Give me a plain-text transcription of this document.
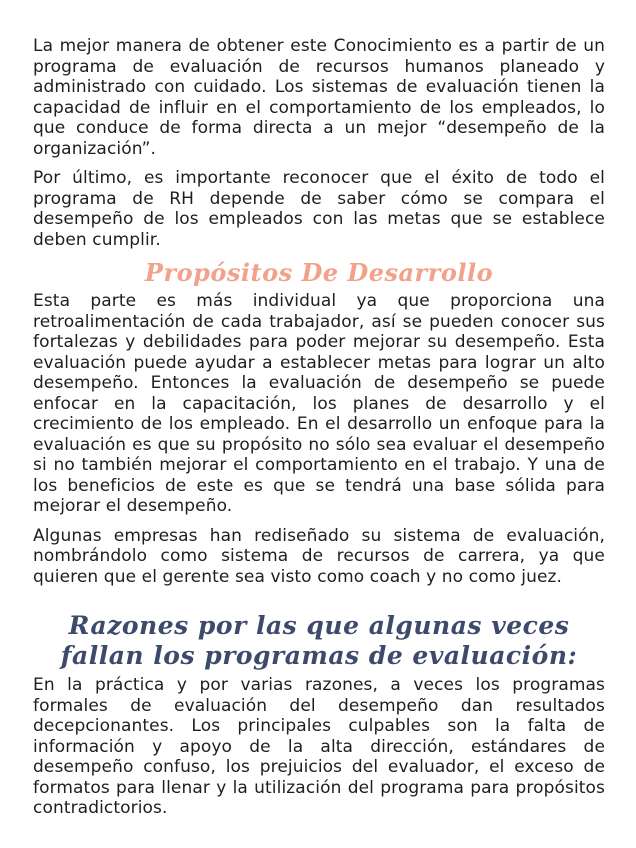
La mejor manera de obtener este Conocimiento es a partir de un programa de evaluación de recursos humanos planeado y administrado con cuidado. Los sistemas de evaluación tienen la capacidad de influir en el comportamiento de los empleados, lo que conduce de forma directa a un mejor “desempeño de la organización”.

Por último, es importante reconocer que el éxito de todo el programa de RH depende de saber cómo se compara el desempeño de los empleados con las metas que se establece deben cumplir.

Propósitos De Desarrollo

Esta parte es más individual ya que proporciona una retroalimentación de cada trabajador, así se pueden conocer sus fortalezas y debilidades para poder mejorar su desempeño. Esta evaluación puede ayudar a establecer metas para lograr un alto desempeño. Entonces la evaluación de desempeño se puede enfocar en la capacitación, los planes de desarrollo y el crecimiento de los empleado. En el desarrollo un enfoque para la evaluación es que su propósito no sólo sea evaluar el desempeño si no también mejorar el comportamiento en el trabajo. Y una de los beneficios de este es que se tendrá una base sólida para mejorar el desempeño.

Algunas empresas han rediseñado su sistema de evaluación, nombrándolo como sistema de recursos de carrera, ya que quieren que el gerente sea visto como coach y no como juez.

Razones por las que algunas veces
fallan los programas de evaluación:

En la práctica y por varias razones, a veces los programas formales de evaluación del desempeño dan resultados decepcionantes. Los principales culpables son la falta de información y apoyo de la alta dirección, estándares de desempeño confuso, los prejuicios del evaluador, el exceso de formatos para llenar y la utilización del programa para propósitos contradictorios.
